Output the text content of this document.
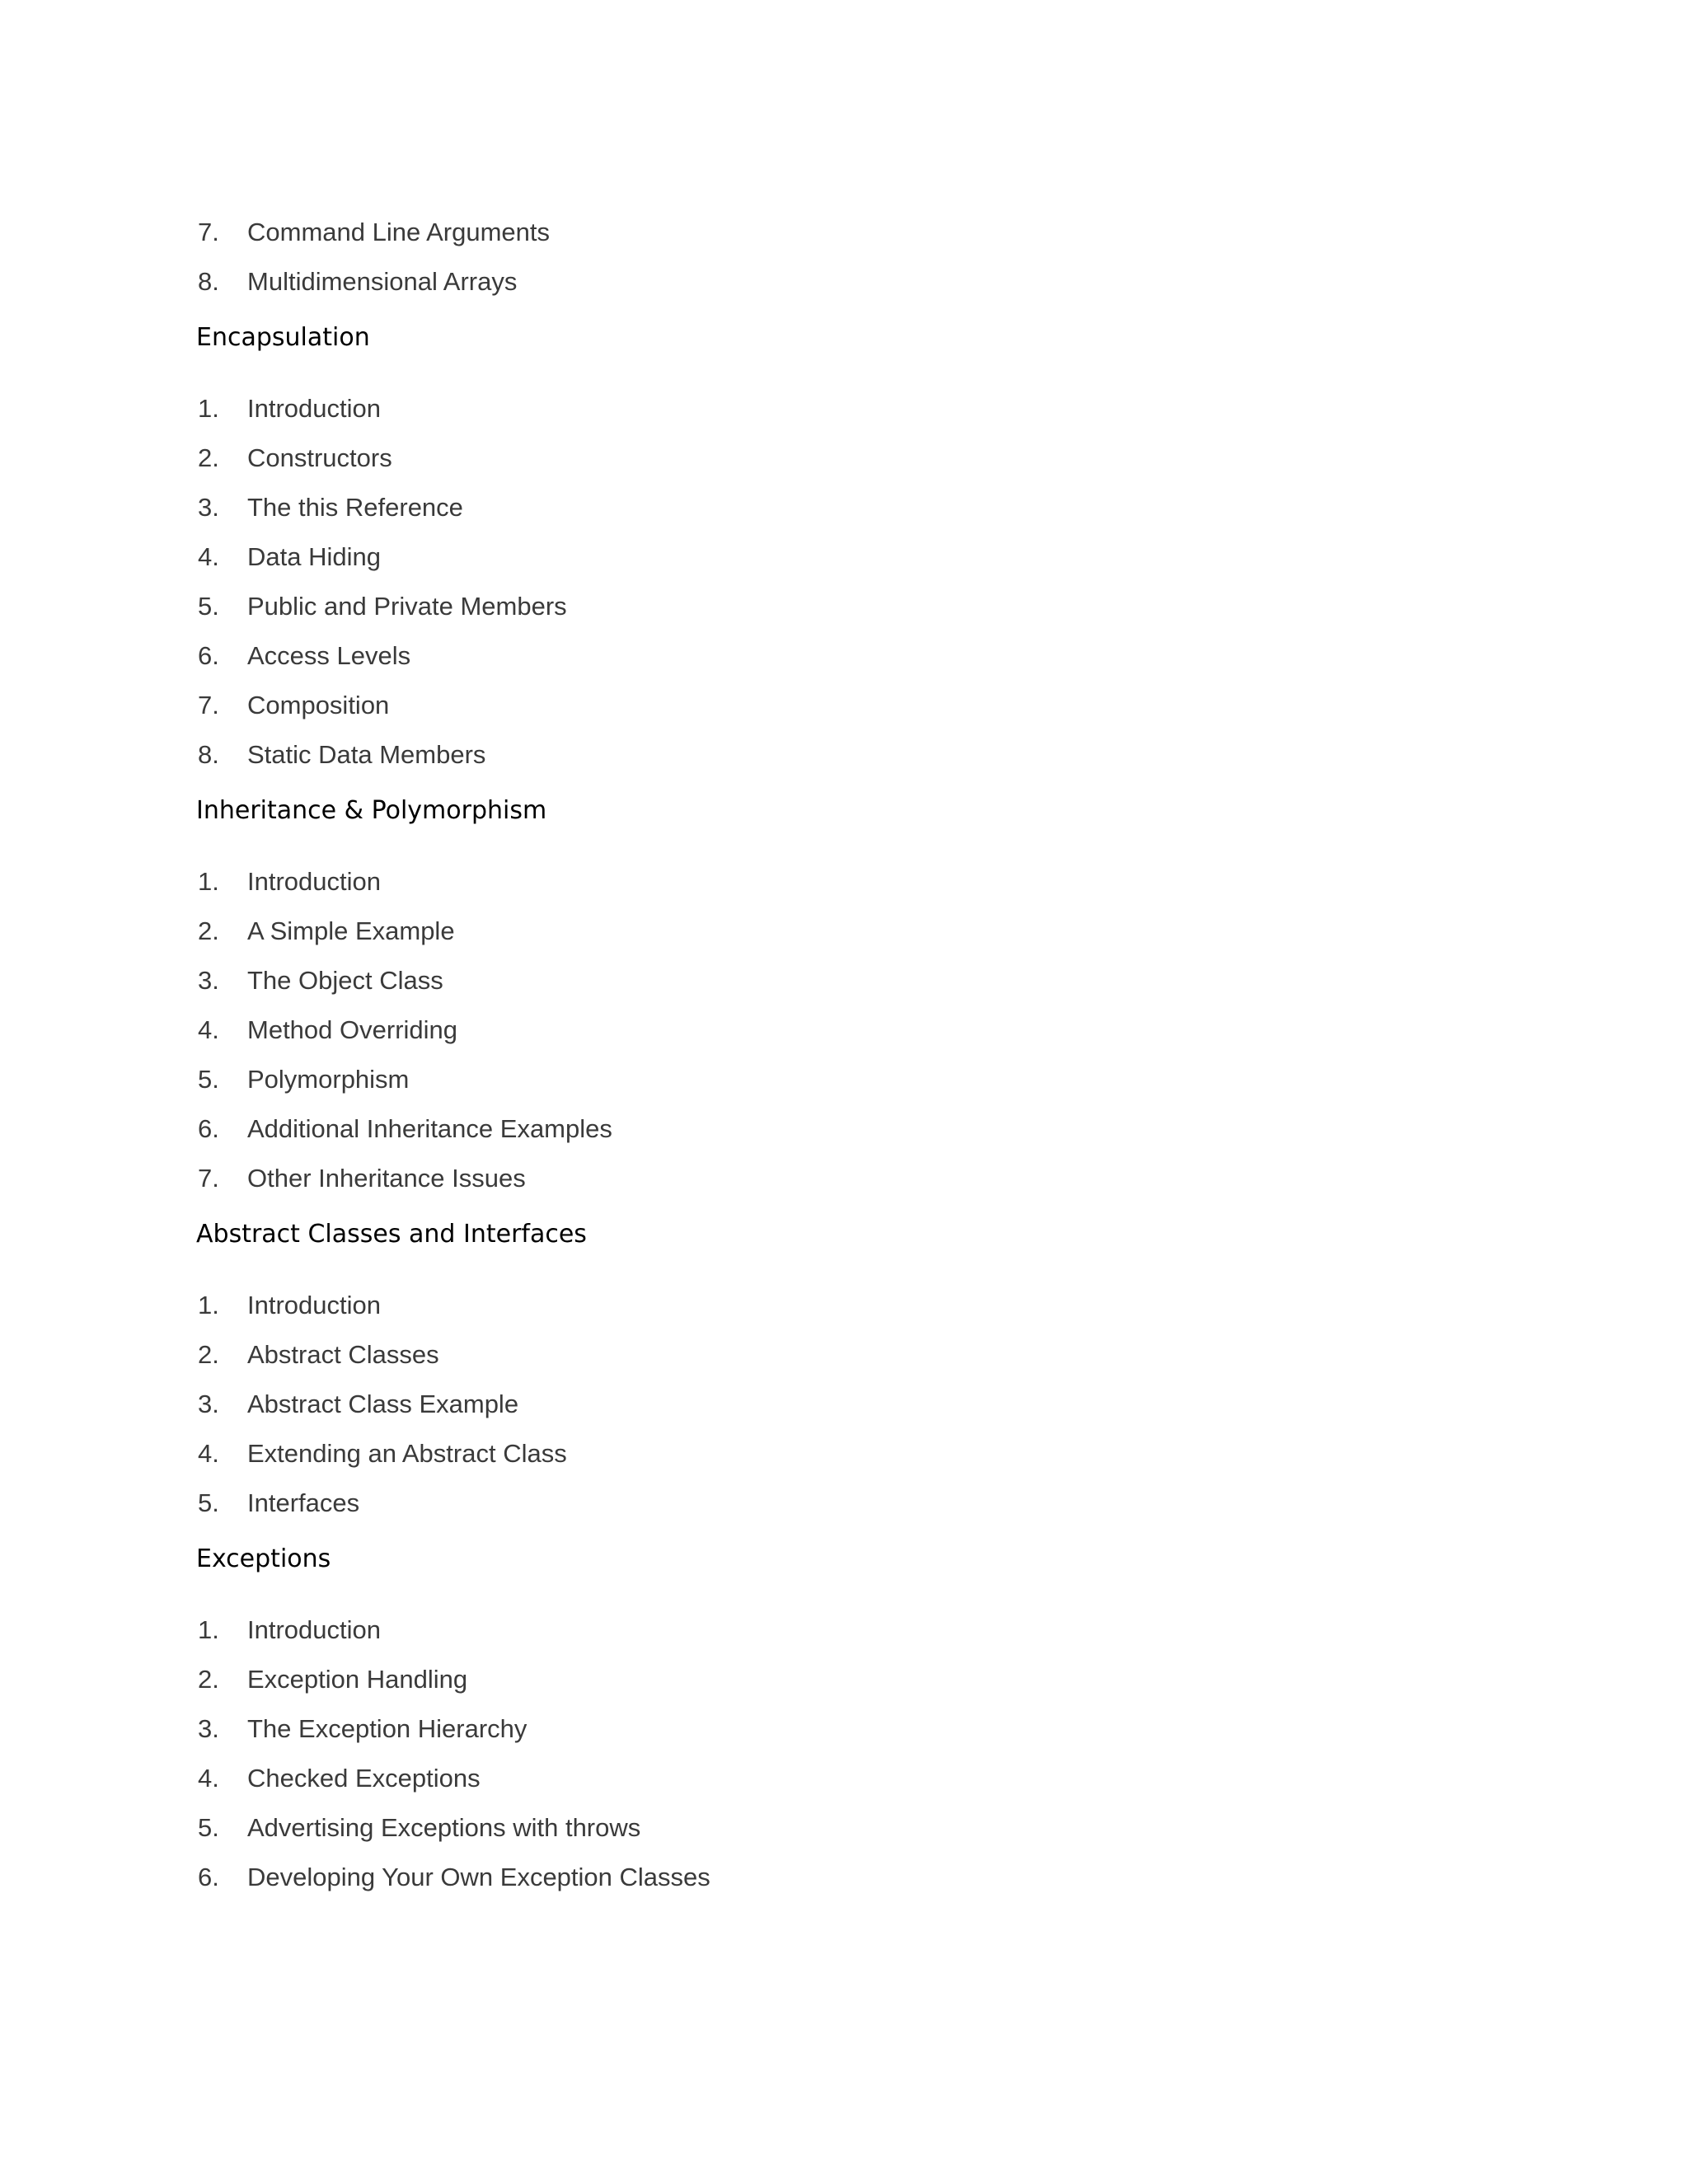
7.	Command Line Arguments
8.	Multidimensional Arrays
Encapsulation
1.	Introduction
2.	Constructors
3.	The this Reference
4.	Data Hiding
5.	Public and Private Members
6.	Access Levels
7.	Composition
8.	Static Data Members
Inheritance & Polymorphism
1.	Introduction
2.	A Simple Example
3.	The Object Class
4.	Method Overriding
5.	Polymorphism
6.	Additional Inheritance Examples
7.	Other Inheritance Issues
Abstract Classes and Interfaces
1.	Introduction
2.	Abstract Classes
3.	Abstract Class Example
4.	Extending an Abstract Class
5.	Interfaces
Exceptions
1.	Introduction
2.	Exception Handling
3.	The Exception Hierarchy
4.	Checked Exceptions
5.	Advertising Exceptions with throws
6.	Developing Your Own Exception Classes
